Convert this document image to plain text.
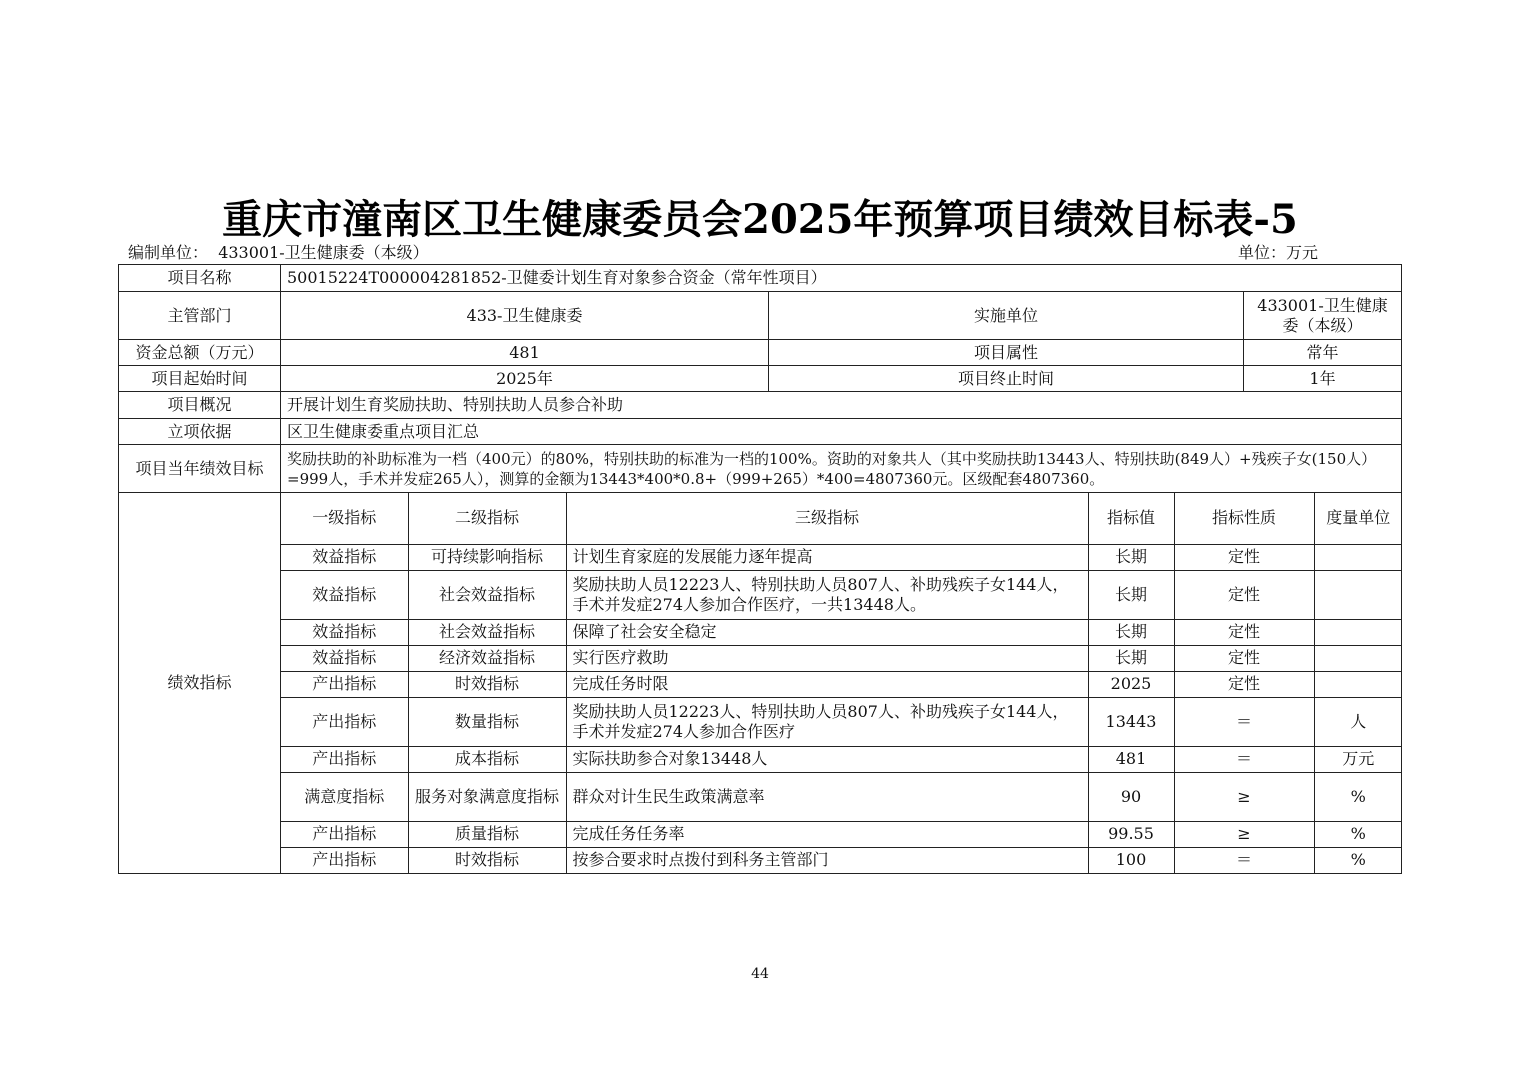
重庆市潼南区卫生健康委员会2025年预算项目绩效目标表-5
编制单位： 433001-卫生健康委（本级）	单位：万元
项目名称	50015224T000004281852-卫健委计划生育对象参合资金（常年性项目）
主管部门	433-卫生健康委	实施单位	433001-卫生健康委（本级）
资金总额（万元）	481	项目属性	常年
项目起始时间	2025年	项目终止时间	1年
项目概况	开展计划生育奖励扶助、特别扶助人员参合补助
立项依据	区卫生健康委重点项目汇总
项目当年绩效目标	奖励扶助的补助标准为一档（400元）的80%，特别扶助的标准为一档的100%。资助的对象共人（其中奖励扶助13443人、特别扶助(849人）+残疾子女(150人）=999人，手术并发症265人），测算的金额为13443*400*0.8+（999+265）*400=4807360元。区级配套4807360。
绩效指标	
一级指标	二级指标	三级指标	指标值	指标性质	度量单位
效益指标	可持续影响指标	计划生育家庭的发展能力逐年提高	长期	定性	
效益指标	社会效益指标	奖励扶助人员12223人、特别扶助人员807人、补助残疾子女144人，手术并发症274人参加合作医疗，一共13448人。	长期	定性	
效益指标	社会效益指标	保障了社会安全稳定	长期	定性	
效益指标	经济效益指标	实行医疗救助	长期	定性	
产出指标	时效指标	完成任务时限	2025	定性	
产出指标	数量指标	奖励扶助人员12223人、特别扶助人员807人、补助残疾子女144人，手术并发症274人参加合作医疗	13443	＝	人
产出指标	成本指标	实际扶助参合对象13448人	481	＝	万元
满意度指标	服务对象满意度指标	群众对计生民生政策满意率	90	≥	%
产出指标	质量指标	完成任务任务率	99.55	≥	%
产出指标	时效指标	按参合要求时点拨付到科务主管部门	100	＝	%
44
